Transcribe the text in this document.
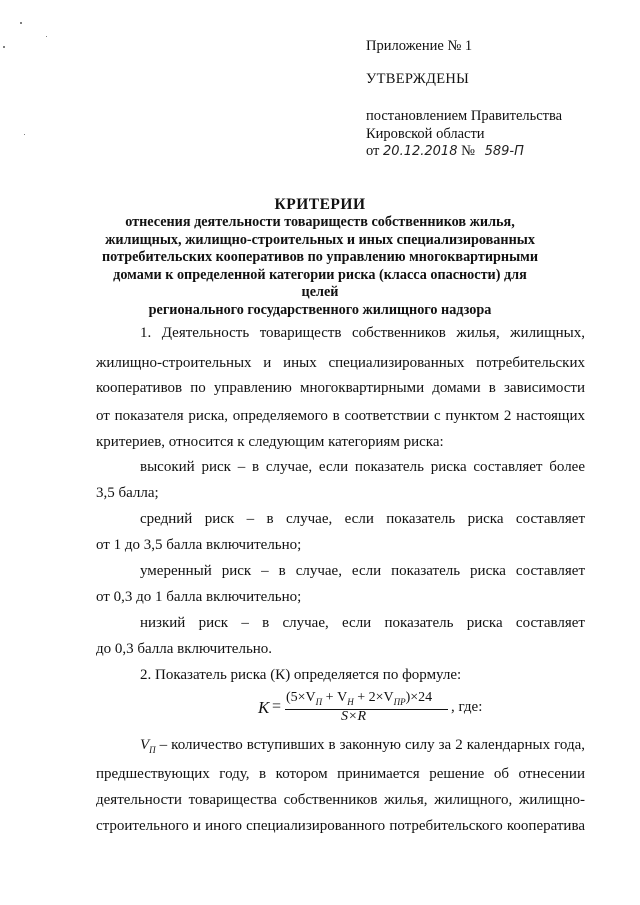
Приложение № 1
УТВЕРЖДЕНЫ
постановлением Правительства
Кировской области
от 20.12.2018 № 589-П
КРИТЕРИИ
отнесения деятельности товариществ собственников жилья,
жилищных, жилищно-строительных и иных специализированных
потребительских кооперативов по управлению многоквартирными
домами к определенной категории риска (класса опасности) для целей
регионального государственного жилищного надзора
1. Деятельность товариществ собственников жилья, жилищных,
жилищно-строительных и иных специализированных потребительских
кооперативов по управлению многоквартирными домами в зависимости
от показателя риска, определяемого в соответствии с пунктом 2 настоящих
критериев, относится к следующим категориям риска:
высокий риск – в случае, если показатель риска составляет более
3,5 балла;
средний риск – в случае, если показатель риска составляет
от 1 до 3,5 балла включительно;
умеренный риск – в случае, если показатель риска составляет
от 0,3 до 1 балла включительно;
низкий риск – в случае, если показатель риска составляет
до 0,3 балла включительно.
2. Показатель риска (К) определяется по формуле:
K =
$(5\times V_П + V_Н + 2\times V_{ПР})\times 24$
S×R
, где:
$V_П$ – количество вступивших в законную силу за 2 календарных года,
предшествующих году, в котором принимается решение об отнесении
деятельности товарищества собственников жилья, жилищного, жилищно-
строительного и иного специализированного потребительского кооператива
